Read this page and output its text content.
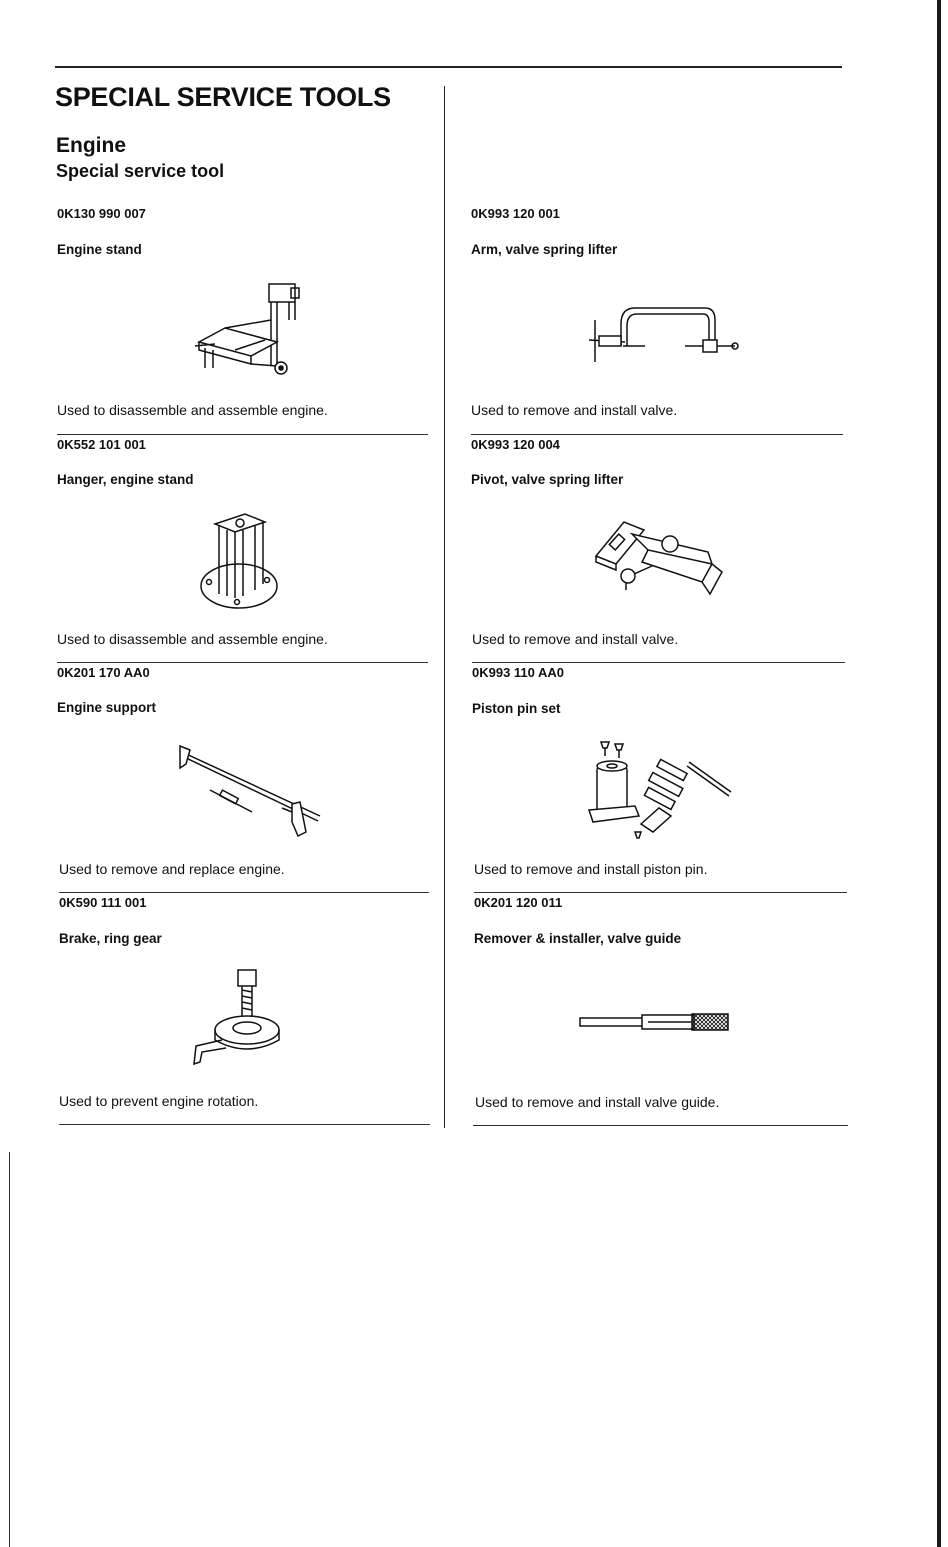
SPECIAL SERVICE TOOLS
Engine
Special service tool
0K130 990 007
Engine stand
Used to disassemble and assemble engine.
0K552 101 001
Hanger, engine stand
Used to disassemble and assemble engine.
0K201 170 AA0
Engine support
Used to remove and replace engine.
0K590 111 001
Brake, ring gear
Used to prevent engine rotation.
0K993 120 001
Arm, valve spring lifter
Used to remove and install valve.
0K993 120 004
Pivot, valve spring lifter
Used to remove and install valve.
0K993 110 AA0
Piston pin set
Used to remove and install piston pin.
0K201 120 011
Remover & installer, valve guide
Used to remove and install valve guide.
